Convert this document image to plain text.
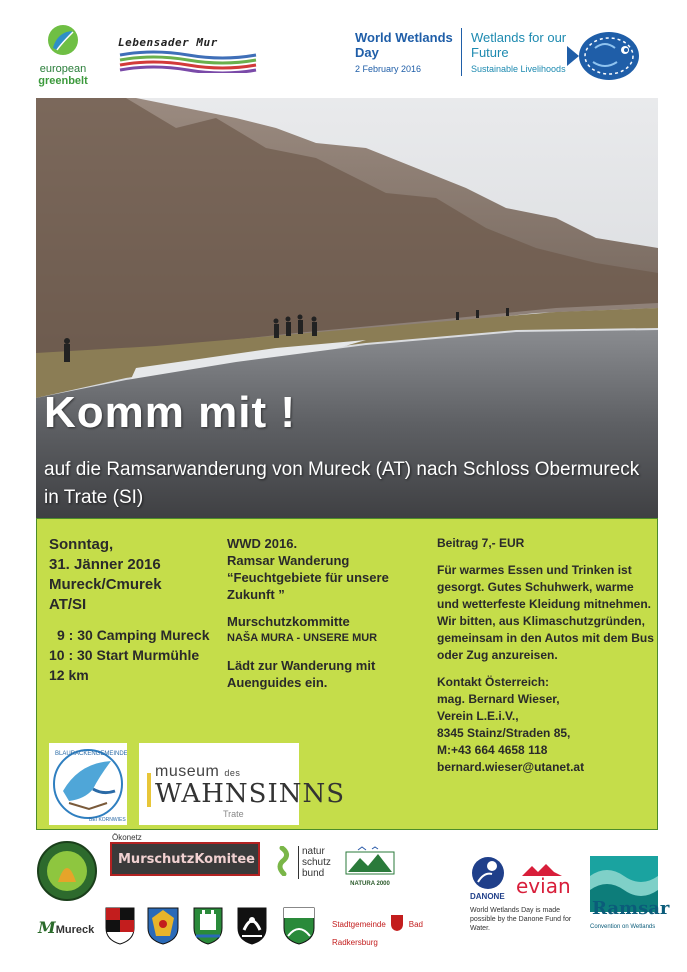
european
greenbelt
Lebensader Mur	World Wetlands Day
2 February 2016
Wetlands for our Future
Sustainable Livelihoods
Komm mit !
auf die Ramsarwanderung von Mureck (AT) nach Schloss Obermureck in Trate (SI)
Sonntag,
31. Jänner 2016
Mureck/Cmurek
AT/SI
9 : 30 Camping Mureck
10 : 30 Start Murmühle
12 km
WWD 2016.
Ramsar Wanderung
“Feuchtgebiete für unsere Zukunft ”
Murschutzkommitte
NAŠA MURA - UNSERE MUR
Lädt zur Wanderung mit Auenguides ein.
Beitrag 7,- EUR
Für warmes Essen und Trinken ist gesorgt. Gutes Schuhwerk, warme und wetterfeste Kleidung mitnehmen. Wir bitten, aus Klimaschutzgründen, gemeinsam in den Autos mit dem Bus oder Zug anzureisen.
Kontakt Österreich:
mag. Bernard Wieser,
Verein L.E.i.V.,
8345 Stainz/Straden 85,
M:+43 664 4658 118
bernard.wieser@utanet.at
BLAURACKENGEMEINDEN
BEI KORNWIES
museum des
WAHNSINNS
Trate
Ökonetz
MurschutzKomitee
natur
schutz
bund
NATURA 2000
MMureck	Stadtgemeinde	Bad Radkersburg
DANONE evian
World Wetlands Day is made possible by the Danone Fund for Water.
Ramsar
Convention on Wetlands
